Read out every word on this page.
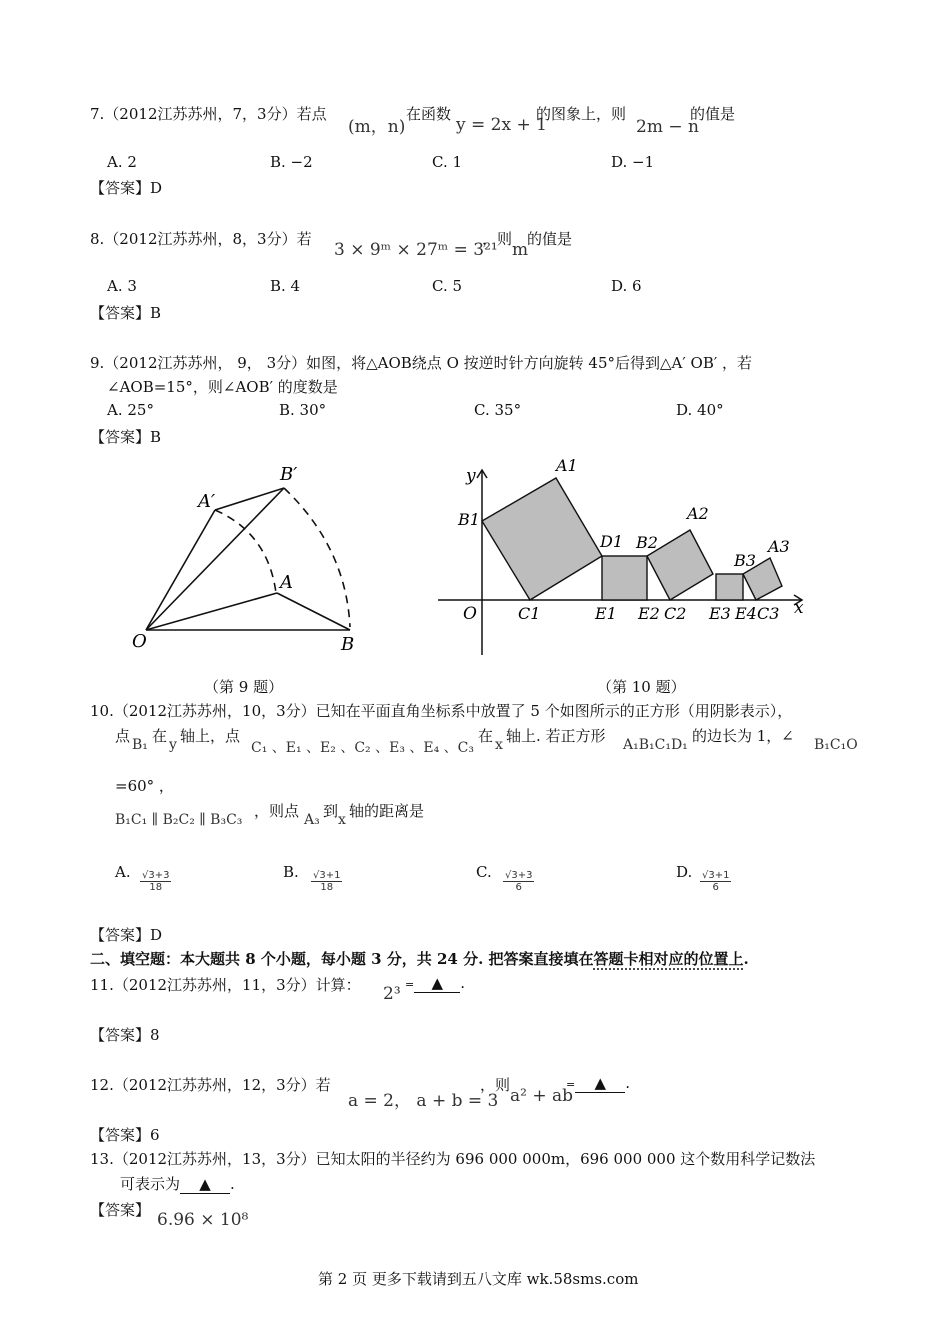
7.（2012江苏苏州，7，3分）若点
(m，n)
在函数
y = 2x + 1
的图象上，则
2m − n
的值是
A. 2	B. −2	C. 1	D. −1
【答案】D
8.（2012江苏苏州，8，3分）若
3 × 9ᵐ × 27ᵐ = 3²¹
，则
m
的值是
A. 3	B. 4	C. 5	D. 6
【答案】B
9.（2012江苏苏州， 9， 3分）如图，将△AOB绕点 O 按逆时针方向旋转 45°后得到△A′ OB′ ，若
∠AOB=15°，则∠AOB′ 的度数是
A. 25°	B. 30°	C. 35°	D. 40°
【答案】B
O	B
A
A′
B′
（第 9 题）
y
x
O
A1
B1
C1
D1
E1
B2
A2
E2 C2
B3
A3
E3 E4 C3
（第 10 题）
10.（2012江苏苏州，10，3分）已知在平面直角坐标系中放置了 5 个如图所示的正方形（用阴影表示），
点 B₁ 在 y 轴上，点
C₁ 、E₁ 、E₂ 、C₂ 、E₃ 、E₄ 、C₃
在 x 轴上. 若正方形 A₁B₁C₁D₁ 的边长为 1，∠ B₁C₁O
=60° ，
B₁C₁ ∥ B₂C₂ ∥ B₃C₃ ，则点 A₃ 到 x 轴的距离是
A. $\frac{√3+3}{18}$	B. $\frac{√3+1}{18}$	C. $\frac{√3+3}{6}$	D. $\frac{√3+1}{6}$
【答案】D
二、填空题：本大题共 8 个小题，每小题 3 分，共 24 分. 把答案直接填在答题卡相对应的位置上.
11.（2012江苏苏州，11，3分）计算： 2³ = ▲ .
【答案】8
12.（2012江苏苏州，12，3分）若
a = 2， a + b = 3
，则
a² + ab
= ▲ .
【答案】6
13.（2012江苏苏州，13，3分）已知太阳的半径约为 696 000 000m，696 000 000 这个数用科学记数法
可表示为 ▲ .
【答案】 6.96 × 10⁸
第 2 页 更多下载请到五八文库 wk.58sms.com
